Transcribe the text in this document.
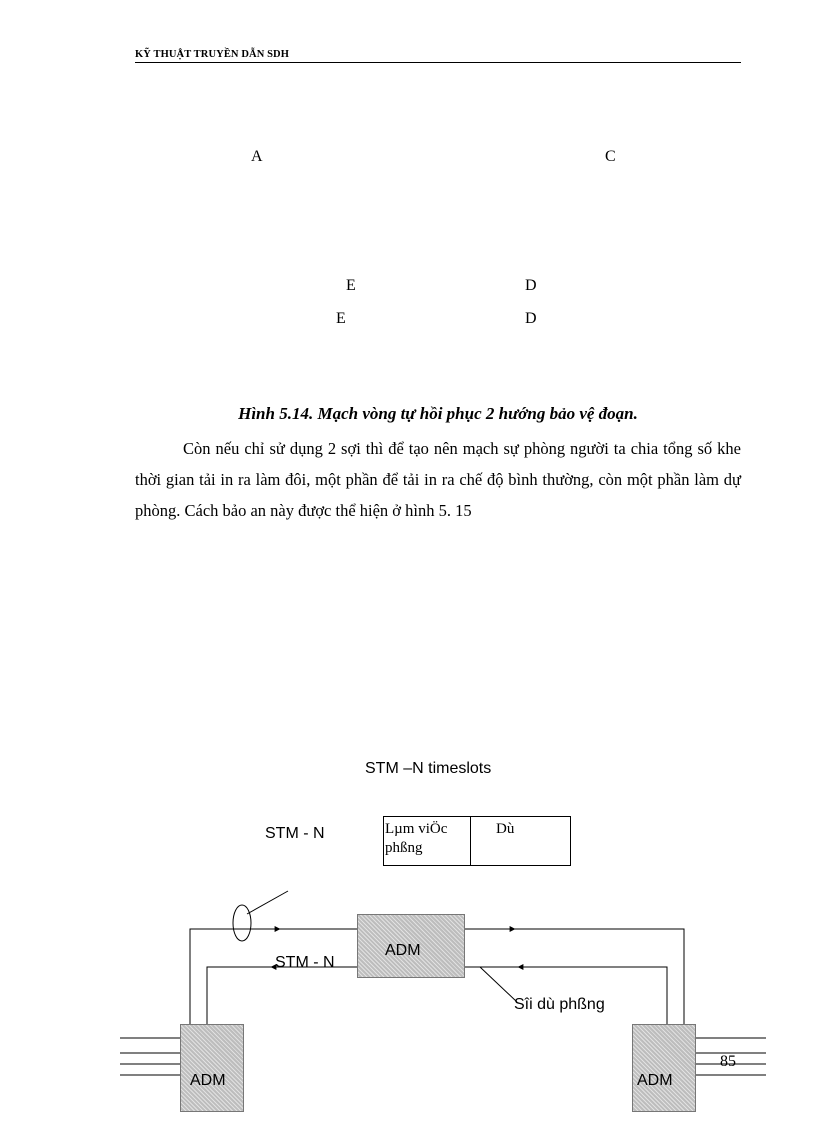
KỸ THUẬT TRUYỀN DẪN SDH
A	C
E	D
E	D
Hình 5.14. Mạch vòng tự hồi phục 2 hướng bảo vệ đoạn.
Còn nếu chỉ sử dụng 2 sợi thì để tạo nên mạch sự phòng người ta chia tổng số khe thời gian tải in ra làm đôi, một phần để tải in ra chế độ bình thường, còn một phần làm dự phòng. Cách bảo an này được thể hiện ở hình 5. 15
STM –N timeslots
STM - N	Lµm viÖc phßng
Dù
ADM
ADM	ADM
STM - N
Sîi dù phßng
85
